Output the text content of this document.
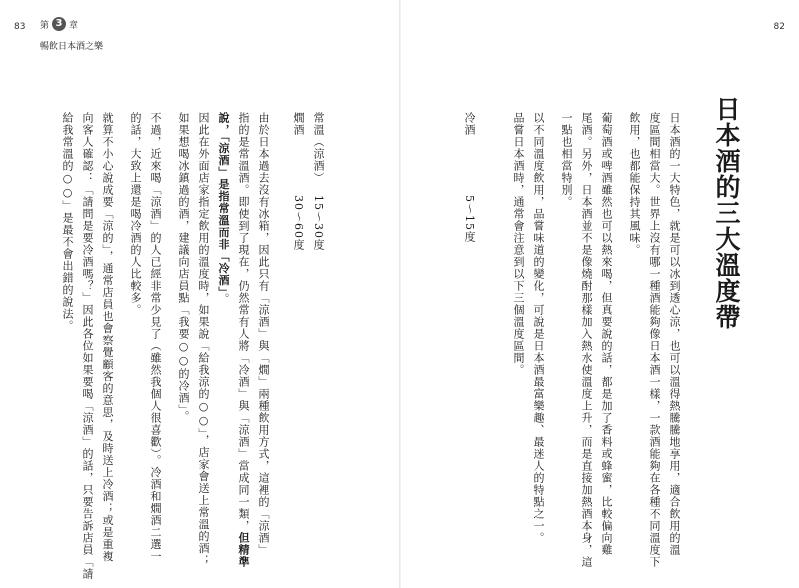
83	82
第 3 章
暢飲日本酒之樂
日本酒的三大溫度帶
日本酒的一大特色，就是可以冰到透心涼，也可以溫得熱騰騰地享用，適合飲用的溫
度區間相當大。世界上沒有哪一種酒能夠像日本酒一樣，一款酒能夠在各種不同溫度下
飲用，也都能保持其風味。
葡萄酒或啤酒雖然也可以熱來喝，但真要說的話，都是加了香料或蜂蜜，比較偏向雞
尾酒。另外，日本酒並不是像燒酎那樣加入熱水使溫度上升，而是直接加熱酒本身，這
一點也相當特別。
以不同溫度飲用，品嘗味道的變化，可說是日本酒最富樂趣、最迷人的特點之一。
品嘗日本酒時，通常會注意到以下三個溫度區間。
由於日本過去沒有冰箱，因此只有「涼酒」與「燗」兩種飲用方式，這裡的「涼酒」
指的是常溫酒。即使到了現在，仍然常有人將「冷酒」與「涼酒」當成同一類，但精準
說，「涼酒」是指常溫而非「冷酒」。
因此在外面店家指定飲用的溫度時，如果說「給我涼的○○」，店家會送上常溫的酒；
如果想喝冰鎮過的酒，建議向店員點「我要○○的冷酒」。
不過，近來喝「涼酒」的人已經非常少見了（雖然我個人很喜歡）。冷酒和燗酒二選一
的話，大致上還是喝冷酒的人比較多。
就算不小心說成要「涼的」，通常店員也會察覺顧客的意思，及時送上冷酒；或是重複
向客人確認：「請問是要冷酒嗎？」因此各位如果要喝「涼酒」的話，只要告訴店員「請
給我常溫的○○」是最不會出錯的說法。	冷酒
5〜15度
常溫（涼酒）
15〜30度
燗酒
30〜60度
